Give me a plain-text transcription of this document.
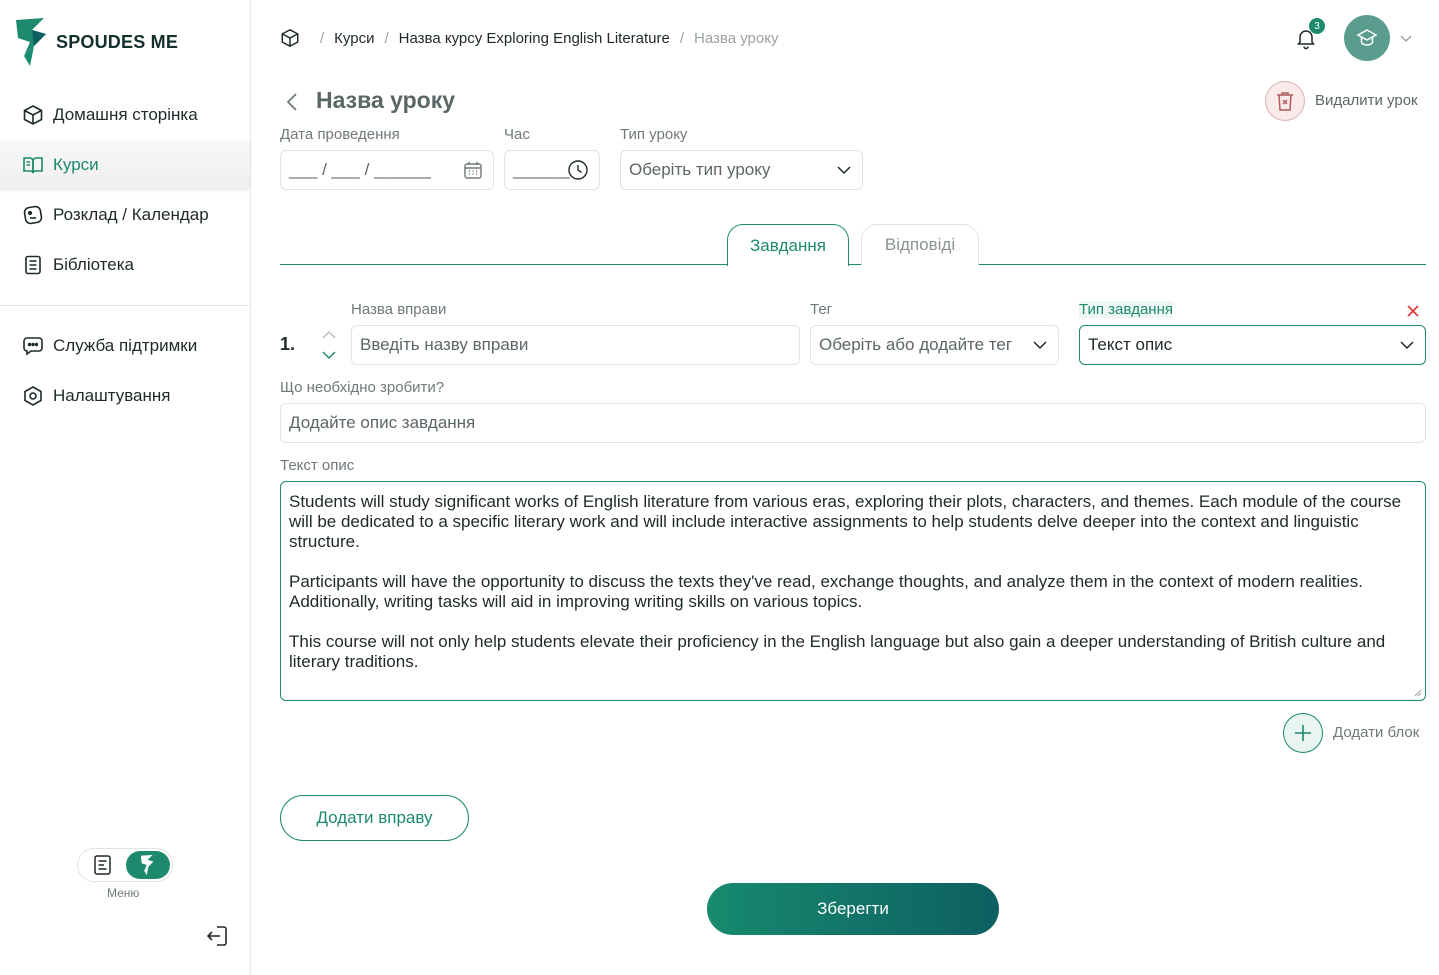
SPOUDES ME
Домашня сторінка
Курси
Розклад / Календар
Бібліотека
Служба підтримки
Налаштування
Меню
/ Курси / Назва курсу Exploring English Literature / Назва уроку
3
Назва уроку	Видалити урок
Дата проведення
___ / ___ / ______
Час
______
Тип уроку
Оберіть тип уроку
Завдання	Відповіді
1.
Назва вправи
Введіть назву вправи
Тег
Оберіть або додайте тег
Тип завдання
Текст опис
Що необхідно зробити?
Додайте опис завдання
Текст опис

Students will study significant works of English literature from various eras, exploring their plots, characters, and themes. Each module of the course will be dedicated to a specific literary work and will include interactive assignments to help students delve deeper into the context and linguistic structure.

Participants will have the opportunity to discuss the texts they've read, exchange thoughts, and analyze them in the context of modern realities. Additionally, writing tasks will aid in improving writing skills on various topics.

This course will not only help students elevate their proficiency in the English language but also gain a deeper understanding of British culture and literary traditions.

Додати блок
Додати вправу
Зберегти
